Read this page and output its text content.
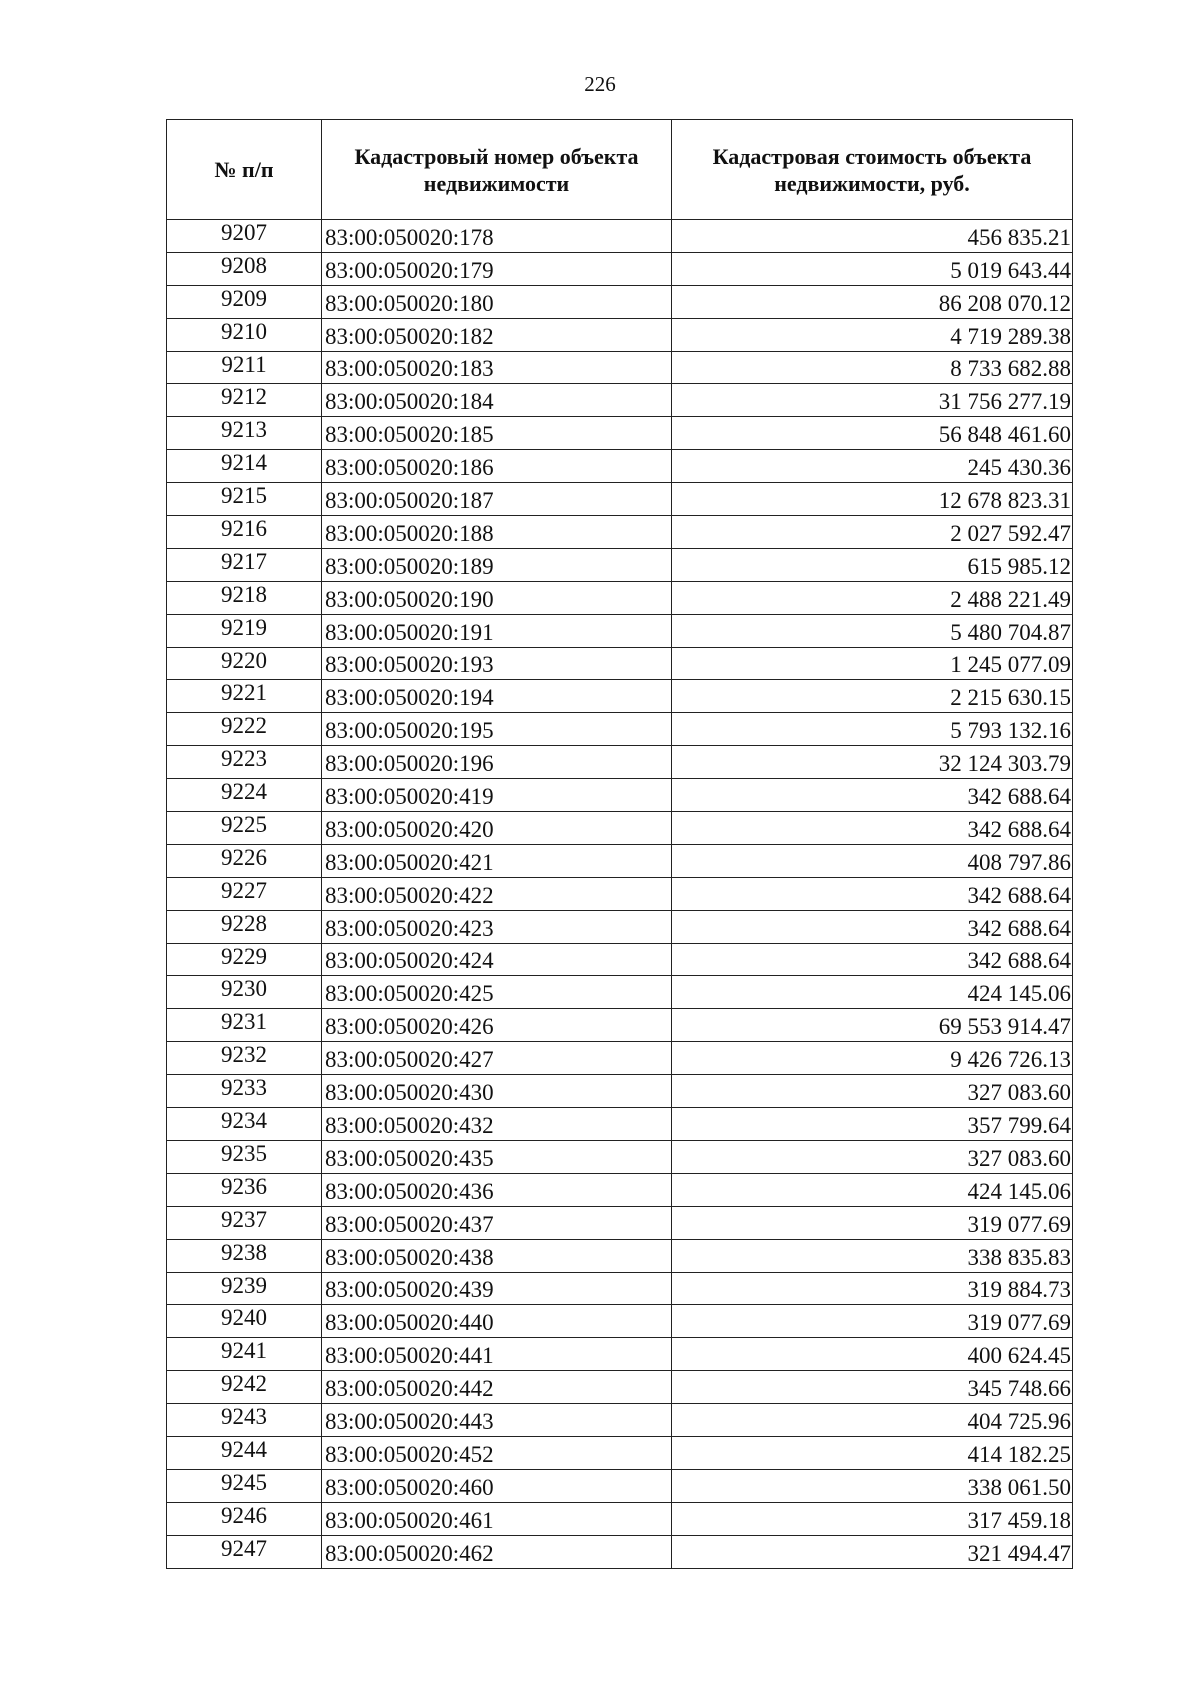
226
№ п/п	Кадастровый номер объекта недвижимости	Кадастровая стоимость объекта недвижимости, руб.
9207	83:00:050020:178	456 835.21
9208	83:00:050020:179	5 019 643.44
9209	83:00:050020:180	86 208 070.12
9210	83:00:050020:182	4 719 289.38
9211	83:00:050020:183	8 733 682.88
9212	83:00:050020:184	31 756 277.19
9213	83:00:050020:185	56 848 461.60
9214	83:00:050020:186	245 430.36
9215	83:00:050020:187	12 678 823.31
9216	83:00:050020:188	2 027 592.47
9217	83:00:050020:189	615 985.12
9218	83:00:050020:190	2 488 221.49
9219	83:00:050020:191	5 480 704.87
9220	83:00:050020:193	1 245 077.09
9221	83:00:050020:194	2 215 630.15
9222	83:00:050020:195	5 793 132.16
9223	83:00:050020:196	32 124 303.79
9224	83:00:050020:419	342 688.64
9225	83:00:050020:420	342 688.64
9226	83:00:050020:421	408 797.86
9227	83:00:050020:422	342 688.64
9228	83:00:050020:423	342 688.64
9229	83:00:050020:424	342 688.64
9230	83:00:050020:425	424 145.06
9231	83:00:050020:426	69 553 914.47
9232	83:00:050020:427	9 426 726.13
9233	83:00:050020:430	327 083.60
9234	83:00:050020:432	357 799.64
9235	83:00:050020:435	327 083.60
9236	83:00:050020:436	424 145.06
9237	83:00:050020:437	319 077.69
9238	83:00:050020:438	338 835.83
9239	83:00:050020:439	319 884.73
9240	83:00:050020:440	319 077.69
9241	83:00:050020:441	400 624.45
9242	83:00:050020:442	345 748.66
9243	83:00:050020:443	404 725.96
9244	83:00:050020:452	414 182.25
9245	83:00:050020:460	338 061.50
9246	83:00:050020:461	317 459.18
9247	83:00:050020:462	321 494.47
